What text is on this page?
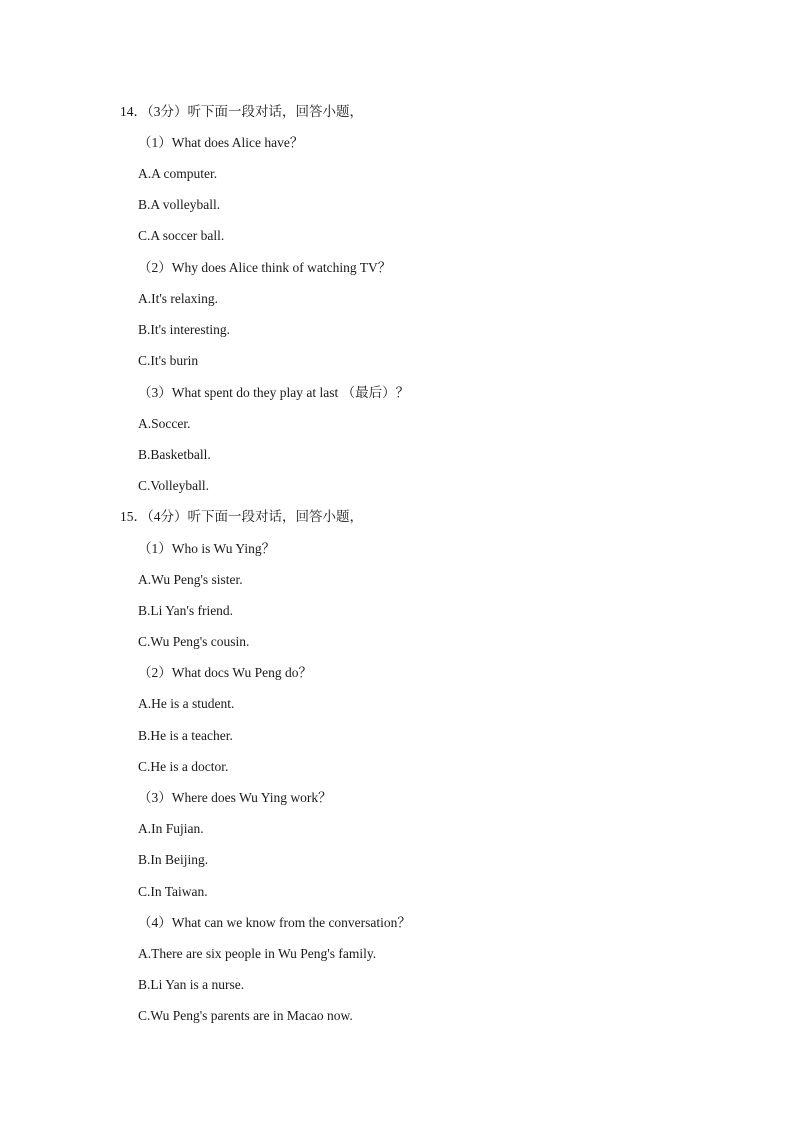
14．（3分）听下面一段对话，回答小题，
（1）What does Alice have？
A.A computer.
B.A volleyball.
C.A soccer ball.
（2）Why does Alice think of watching TV？
A.It's relaxing.
B.It's interesting.
C.It's burin
（3）What spent do they play at last （最后）？
A.Soccer.
B.Basketball.
C.Volleyball.
15．（4分）听下面一段对话，回答小题，
（1）Who is Wu Ying？
A.Wu Peng's sister.
B.Li Yan's friend.
C.Wu Peng's cousin.
（2）What docs Wu Peng do？
A.He is a student.
B.He is a teacher.
C.He is a doctor.
（3）Where does Wu Ying work？
A.In Fujian.
B.In Beijing.
C.In Taiwan.
（4）What can we know from the conversation？
A.There are six people in Wu Peng's family.
B.Li Yan is a nurse.
C.Wu Peng's parents are in Macao now.
